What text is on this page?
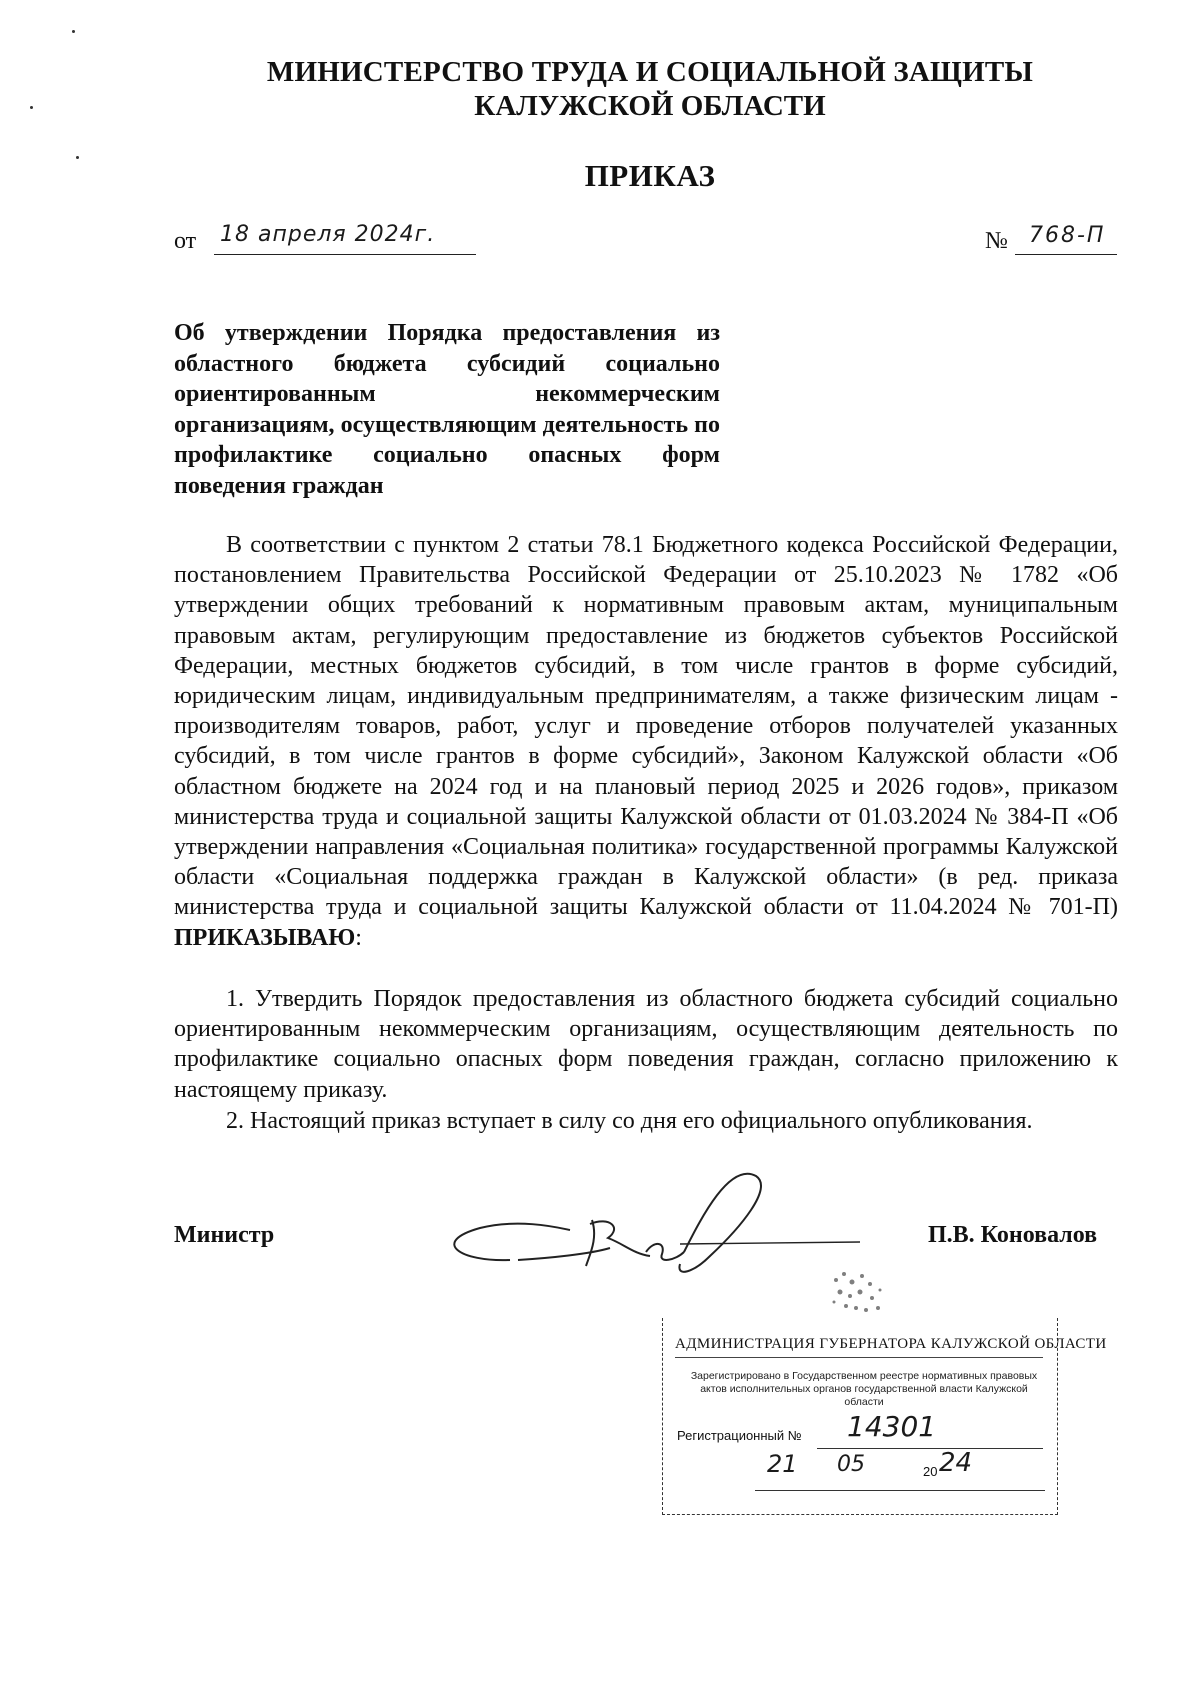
МИНИСТЕРСТВО ТРУДА И СОЦИАЛЬНОЙ ЗАЩИТЫ
КАЛУЖСКОЙ ОБЛАСТИ
ПРИКАЗ
от 18 апреля 2024г.	№ 768-П
Об утверждении Порядка предоставления из областного бюджета субсидий социально ориентированным некоммерческим организациям, осуществляющим деятельность по профилактике социально опасных форм поведения граждан

В соответствии с пунктом 2 статьи 78.1 Бюджетного кодекса Российской Федерации, постановлением Правительства Российской Федерации от 25.10.2023 № 1782 «Об утверждении общих требований к нормативным правовым актам, муниципальным правовым актам, регулирующим предоставление из бюджетов субъектов Российской Федерации, местных бюджетов субсидий, в том числе грантов в форме субсидий, юридическим лицам, индивидуальным предпринимателям, а также физическим лицам - производителям товаров, работ, услуг и проведение отборов получателей указанных субсидий, в том числе грантов в форме субсидий», Законом Калужской области «Об областном бюджете на 2024 год и на плановый период 2025 и 2026 годов», приказом министерства труда и социальной защиты Калужской области от 01.03.2024 № 384-П «Об утверждении направления «Социальная политика» государственной программы Калужской области «Социальная поддержка граждан в Калужской области» (в ред. приказа министерства труда и социальной защиты Калужской области от 11.04.2024 № 701-П) ПРИКАЗЫВАЮ:

1. Утвердить Порядок предоставления из областного бюджета субсидий социально ориентированным некоммерческим организациям, осуществляющим деятельность по профилактике социально опасных форм поведения граждан, согласно приложению к настоящему приказу.

2. Настоящий приказ вступает в силу со дня его официального опубликования.

Министр	П.В. Коновалов
АДМИНИСТРАЦИЯ ГУБЕРНАТОРА КАЛУЖСКОЙ ОБЛАСТИ
Зарегистрировано в Государственном реестре нормативных правовых актов исполнительных органов государственной власти Калужской области
Регистрационный № 14301
21 05	20 24
